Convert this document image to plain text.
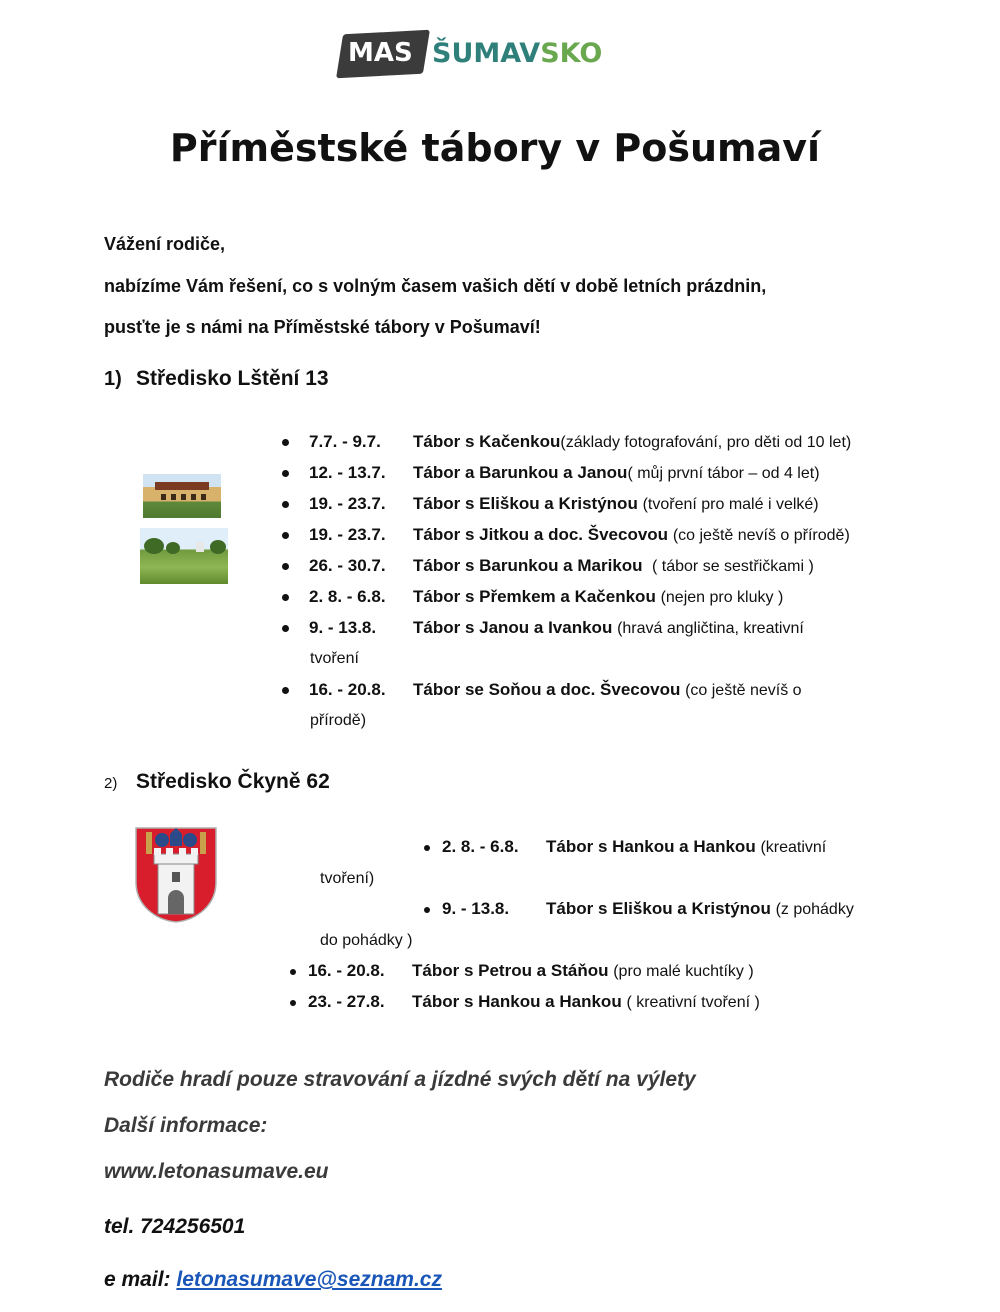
MAS ŠUMAVSKO
Příměstské tábory v Pošumaví
Vážení rodiče,
nabízíme Vám řešení, co s volným časem vašich dětí v době letních prázdnin,
pusťte je s námi na Příměstské tábory v Pošumaví!
1) Středisko Lštění 13
7.7. - 9.7. Tábor s Kačenkou(základy fotografování, pro děti od 10 let)
12. - 13.7. Tábor a Barunkou a Janou( můj první tábor – od 4 let)
19. - 23.7. Tábor s Eliškou a Kristýnou (tvoření pro malé i velké)
19. - 23.7. Tábor s Jitkou a doc. Švecovou (co ještě nevíš o přírodě)
26. - 30.7. Tábor s Barunkou a Marikou ( tábor se sestřičkami )
2. 8. - 6.8. Tábor s Přemkem a Kačenkou (nejen pro kluky )
9. - 13.8. Tábor s Janou a Ivankou (hravá angličtina, kreativní
tvoření
16. - 20.8. Tábor se Soňou a doc. Švecovou (co ještě nevíš o
přírodě)
2) Středisko Čkyně 62
2. 8. - 6.8. Tábor s Hankou a Hankou (kreativní
tvoření)
9. - 13.8. Tábor s Eliškou a Kristýnou (z pohádky
do pohádky )
16. - 20.8. Tábor s Petrou a Stáňou (pro malé kuchtíky )
23. - 27.8. Tábor s Hankou a Hankou ( kreativní tvoření )
Rodiče hradí pouze stravování a jízdné svých dětí na výlety
Další informace:
www.letonasumave.eu
tel. 724256501
e mail: letonasumave@seznam.cz
